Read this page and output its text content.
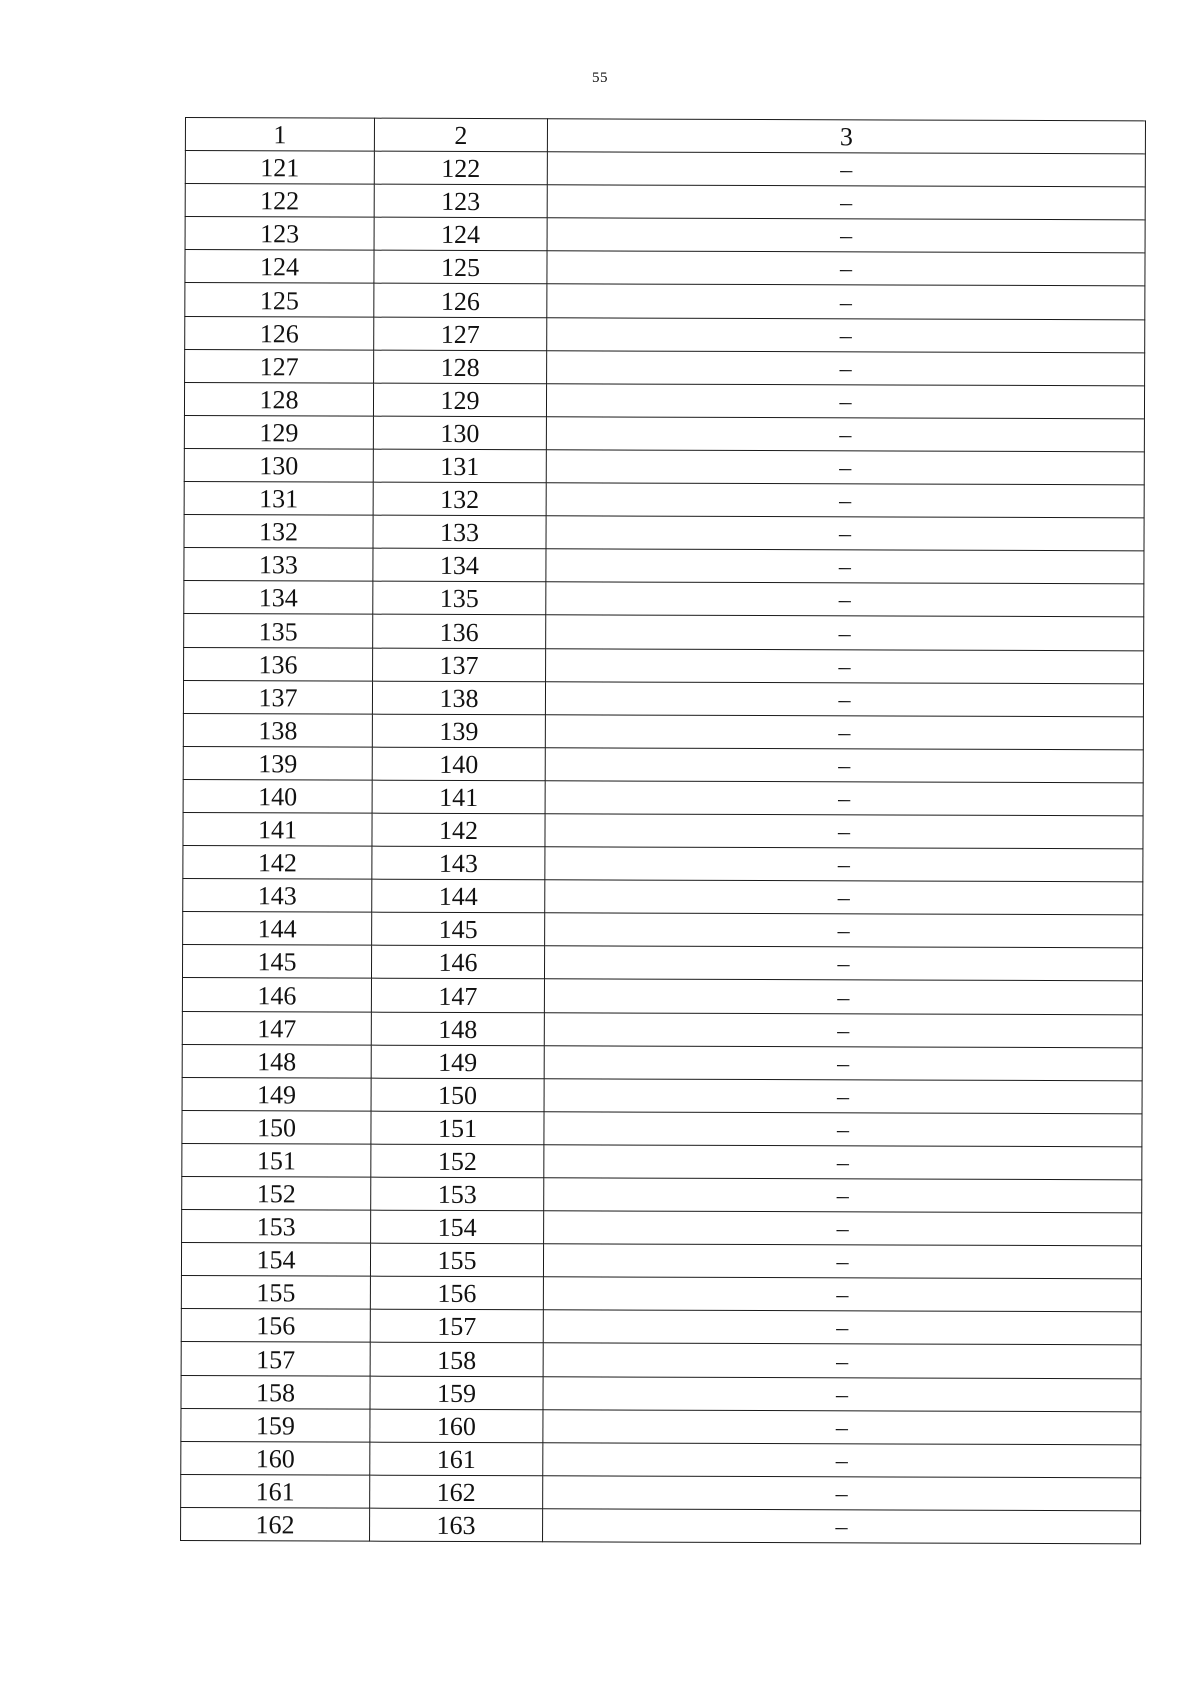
55
1	2	3
121	122	–
122	123	–
123	124	–
124	125	–
125	126	–
126	127	–
127	128	–
128	129	–
129	130	–
130	131	–
131	132	–
132	133	–
133	134	–
134	135	–
135	136	–
136	137	–
137	138	–
138	139	–
139	140	–
140	141	–
141	142	–
142	143	–
143	144	–
144	145	–
145	146	–
146	147	–
147	148	–
148	149	–
149	150	–
150	151	–
151	152	–
152	153	–
153	154	–
154	155	–
155	156	–
156	157	–
157	158	–
158	159	–
159	160	–
160	161	–
161	162	–
162	163	–
